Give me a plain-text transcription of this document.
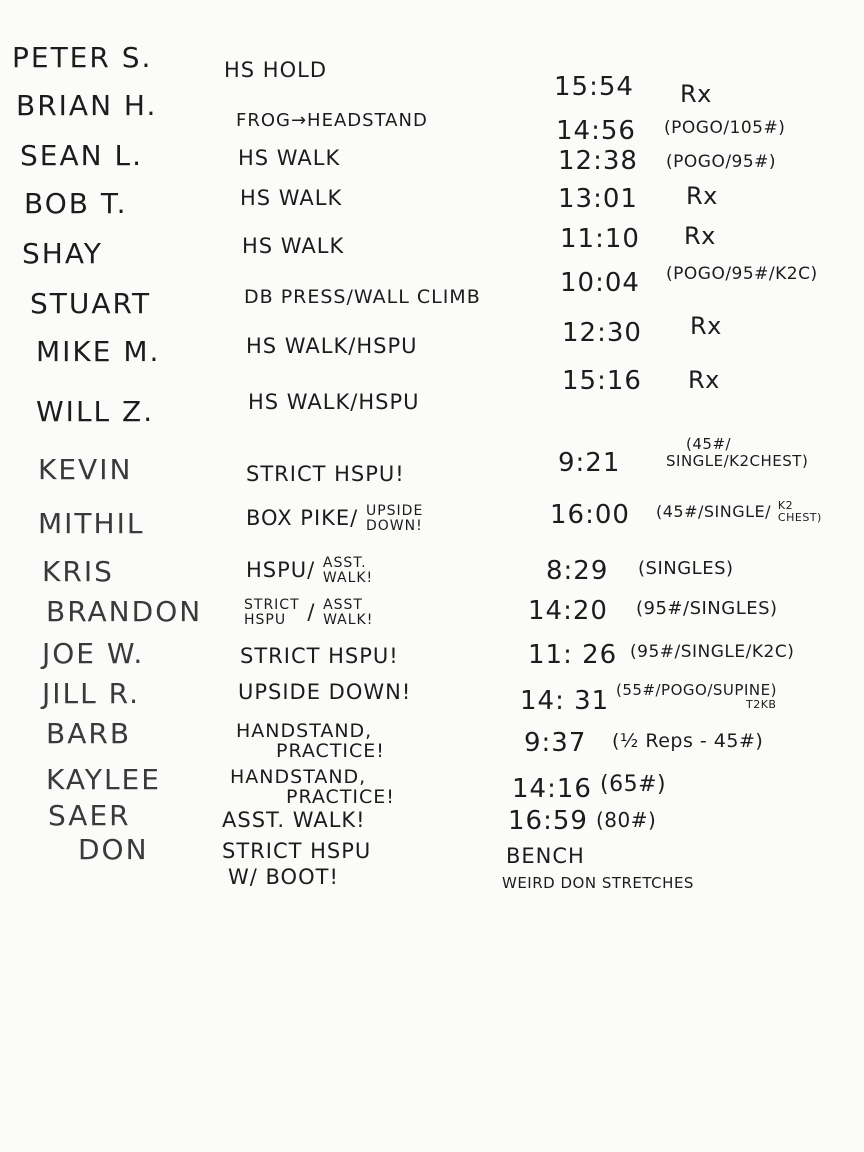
PETER S.
BRIAN H.
SEAN L.
BOB T.
SHAY
STUART
MIKE M.
WILL Z.
KEVIN
MITHIL
KRIS
BRANDON
JOE W.
JILL R.
BARB
KAYLEE
SAER
DON
HS HOLD
FROG→HEADSTAND
HS WALK
HS WALK
HS WALK
DB PRESS/WALL CLIMB
HS WALK/HSPU
HS WALK/HSPU
STRICT HSPU!
BOX PIKE/ UPSIDE
DOWN!
HSPU/ ASST.
WALK!
STRICT
HSPU	/ ASST
WALK!
STRICT HSPU!
UPSIDE DOWN!
HANDSTAND,
PRACTICE!
HANDSTAND,
PRACTICE!
ASST. WALK!
STRICT HSPU
W/ BOOT!
15:54
14:56
12:38
13:01
11:10
10:04
12:30
15:16
9:21
16:00
8:29
14:20
11: 26
14: 31
9:37
14:16
16:59
BENCH
WEIRD DON STRETCHES
Rx
(POGO/105#)
(POGO/95#)
Rx
Rx
(POGO/95#/K2C)
Rx
Rx
(45#/
SINGLE/K2CHEST)
(45#/SINGLE/ K2
CHEST)
(SINGLES)
(95#/SINGLES)
(95#/SINGLE/K2C)
(55#/POGO/SUPINE)
T2KB
(½ Reps - 45#)
(65#)
(80#)
